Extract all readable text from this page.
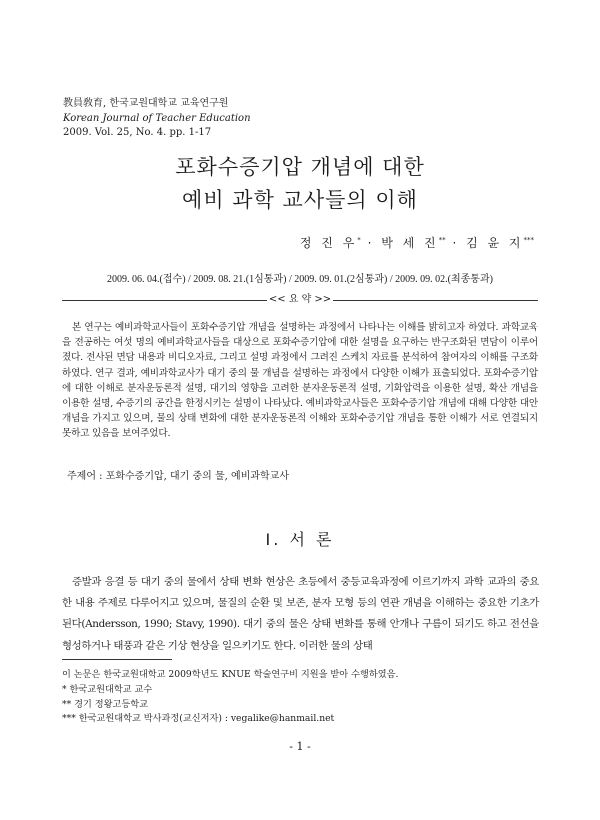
教員敎育, 한국교원대학교 교육연구원
Korean Journal of Teacher Education
2009. Vol. 25, No. 4. pp. 1-17
포화수증기압 개념에 대한
예비 과학 교사들의 이해
정 진 우* · 박 세 진** · 김 윤 지***
2009. 06. 04.(접수) / 2009. 08. 21.(1심통과) / 2009. 09. 01.(2심통과) / 2009. 09. 02.(최종통과)
<< 요 약 >>
본 연구는 예비과학교사들이 포화수증기압 개념을 설명하는 과정에서 나타나는 이해를 밝히고자 하였다. 과학교육을 전공하는 여섯 명의 예비과학교사들을 대상으로 포화수증기압에 대한 설명을 요구하는 반구조화된 면담이 이루어졌다. 전사된 면담 내용과 비디오자료, 그리고 설명 과정에서 그려진 스케치 자료를 분석하여 참여자의 이해를 구조화하였다. 연구 결과, 예비과학교사가 대기 중의 물 개념을 설명하는 과정에서 다양한 이해가 표출되었다. 포화수증기압에 대한 이해로 분자운동론적 설명, 대기의 영향을 고려한 분자운동론적 설명, 기화압력을 이용한 설명, 확산 개념을 이용한 설명, 수증기의 공간을 한정시키는 설명이 나타났다. 예비과학교사들은 포화수증기압 개념에 대해 다양한 대안 개념을 가지고 있으며, 물의 상태 변화에 대한 분자운동론적 이해와 포화수증기압 개념을 통한 이해가 서로 연결되지 못하고 있음을 보여주었다.
주제어 : 포화수증기압, 대기 중의 물, 예비과학교사
Ⅰ. 서 론
증발과 응결 등 대기 중의 물에서 상태 변화 현상은 초등에서 중등교육과정에 이르기까지 과학 교과의 중요한 내용 주제로 다루어지고 있으며, 물질의 순환 및 보존, 분자 모형 등의 연관 개념을 이해하는 중요한 기초가 된다(Andersson, 1990; Stavy, 1990). 대기 중의 물은 상태 변화를 통해 안개나 구름이 되기도 하고 전선을 형성하거나 태풍과 같은 기상 현상을 일으키기도 한다. 이러한 물의 상태
이 논문은 한국교원대학교 2009학년도 KNUE 학술연구비 지원을 받아 수행하였음.
* 한국교원대학교 교수
** 경기 정왕고등학교
*** 한국교원대학교 박사과정(교신저자) : vegalike@hanmail.net
- 1 -
